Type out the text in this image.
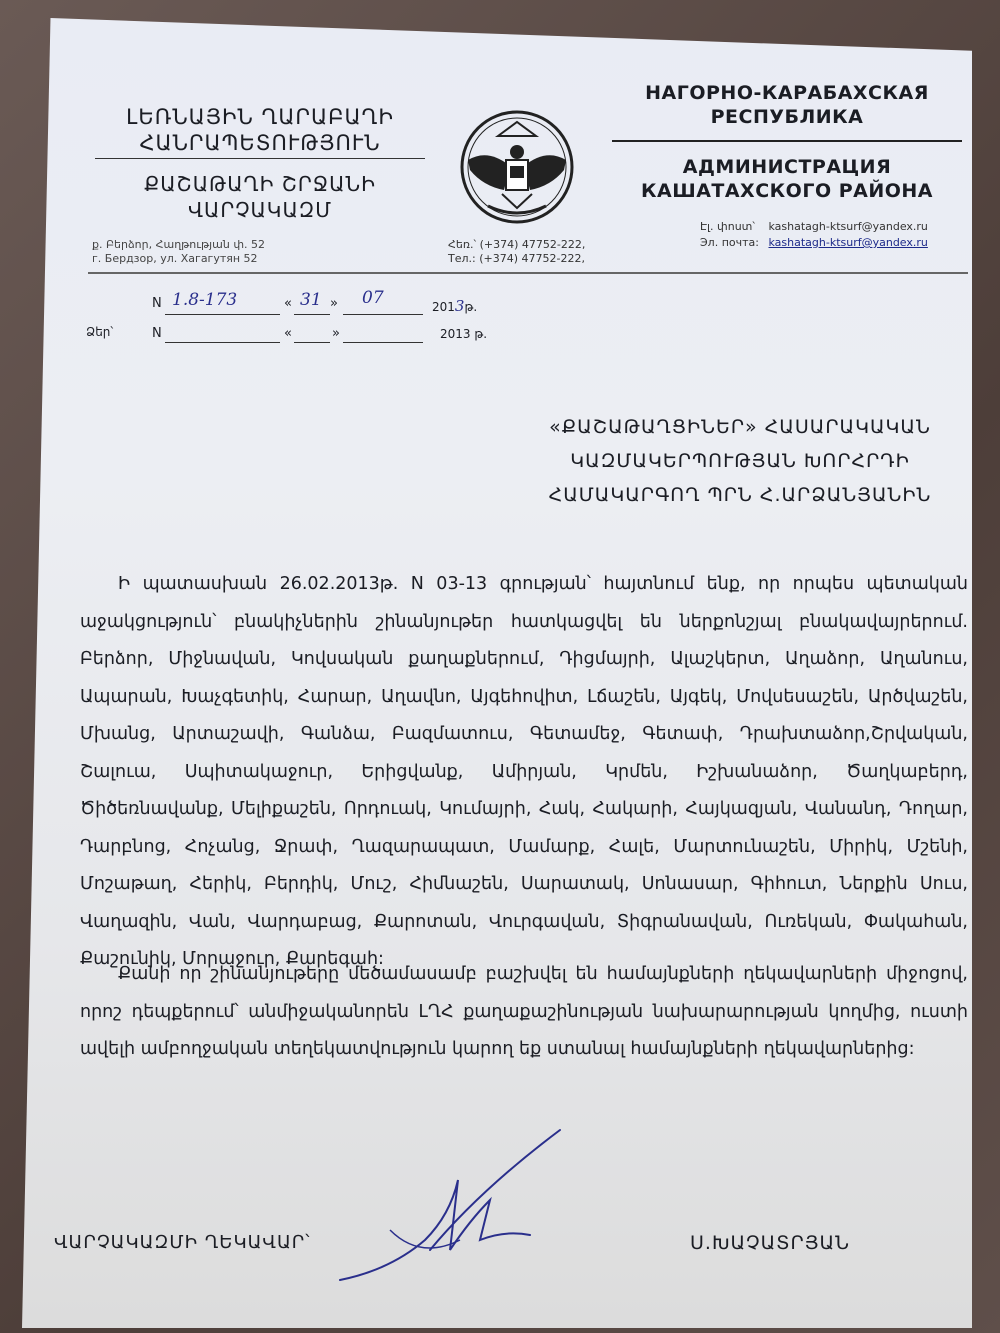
ԼԵՌՆԱՅԻՆ ՂԱՐԱԲԱՂԻ
ՀԱՆՐԱՊԵՏՈՒԹՅՈՒՆ
ՔԱՇԱԹԱՂԻ ՇՐՋԱՆԻ
ՎԱՐՉԱԿԱԶՄ
НАГОРНО-КАРАБАХСКАЯ
РЕСПУБЛИКА
АДМИНИСТРАЦИЯ
КАШАТАХСКОГО РАЙОНА
ք. Բերձոր, Հաղթության փ. 52
г. Бердзор, ул. Хагагутян 52
Հեռ.՝ (+374) 47752-222,
Тел.: (+374) 47752-222,
Էլ. փոստ՝ kashatagh-ktsurf@yandex.ru
Эл. почта: kashatagh-ktsurf@yandex.ru
N 1.8-173	« 31 » 07	2013թ.
Ձեր՝	N	«	»	2013 թ.
«ՔԱՇԱԹԱՂՑԻՆԵՐ» ՀԱՍԱՐԱԿԱԿԱՆ
ԿԱԶՄԱԿԵՐՊՈՒԹՅԱՆ ԽՈՐՀՐԴԻ
ՀԱՄԱԿԱՐԳՈՂ ՊՐՆ Հ.ԱՐՁԱՆՅԱՆԻՆ
Ի պատասխան 26.02.2013թ. N 03-13 գրության՝ հայտնում ենք, որ որպես պետական աջակցություն՝ բնակիչներին շինանյութեր հատկացվել են ներքոնշյալ բնակավայրերում. Բերձոր, Միջնավան, Կովսական քաղաքներում, Դիցմայրի, Ալաշկերտ, Աղաձոր, Աղանուս, Ապարան, Խաչգետիկ, Հարար, Աղավնո, Այգեհովիտ, Լճաշեն, Այգեկ, Մովսեսաշեն, Արծվաշեն, Մխանց, Արտաշավի, Գանձա, Բազմատուս, Գետամեջ, Գետափ, Դրախտաձոր,Շրվական, Շալուա, Սպիտակաջուր, Երիցվանք, Ամիրյան, Կրմեն, Իշխանաձոր, Ծաղկաբերդ, Ծիծեռնավանք, Մելիքաշեն, Որդուակ, Կումայրի, Հակ, Հակարի, Հայկազյան, Վանանդ, Դողար, Դարբնոց, Հոչանց, Ջրափ, Ղազարապատ, Մամարք, Հալե, Մարտունաշեն, Միրիկ, Մշենի, Մոշաթաղ, Հերիկ, Բերդիկ, Մուշ, Հիմնաշեն, Սարատակ, Սոնասար, Գիհուտ, Ներքին Սուս, Վաղազին, Վան, Վարդաբաց, Քարոտան, Վուրգավան, Տիգրանավան, Ուռեկան, Փակահան, Քաշունիկ, Մորաջուր, Քարեգահ:
Քանի որ շինանյութերը մեծամասամբ բաշխվել են համայնքների ղեկավարների միջոցով, որոշ դեպքերում՝ անմիջականորեն ԼՂՀ քաղաքաշինության նախարարության կողմից, ուստի ավելի ամբողջական տեղեկատվություն կարող եք ստանալ համայնքների ղեկավարներից:
ՎԱՐՉԱԿԱԶՄԻ ՂԵԿԱՎԱՐ՝	Ս.ԽԱՉԱՏՐՅԱՆ
